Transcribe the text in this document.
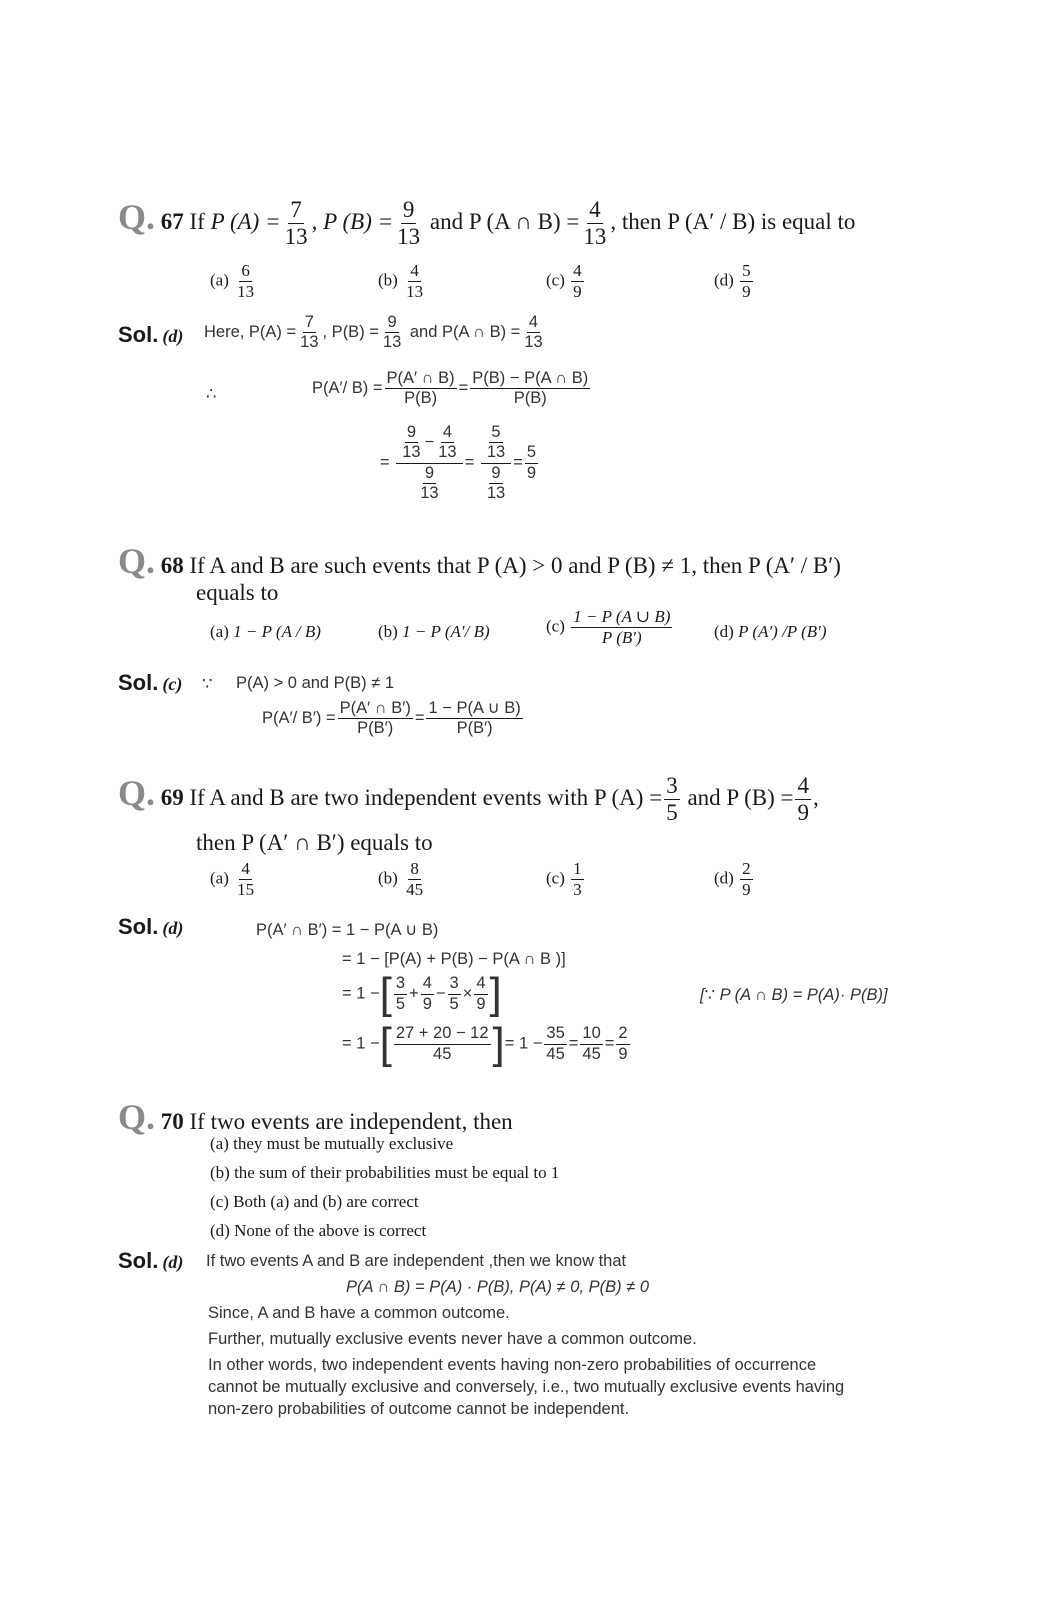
Q. 67 If P $(A) = \frac{7}{13}$ , P $(B) = \frac{9}{13}$ and P (A ∩ $B) = \frac{4}{13}$ , then P (A′ / B) is equal to
$(a) \frac{6}{13}$	$(b) \frac{4}{13}$	$(c) \frac{4}{9}$	$(d) \frac{5}{9}$
Sol. (d) Here, $P(A) = \frac{7}{13}$ , $P(B) = \frac{9}{13}$ and P(A ∩ $B) = \frac{4}{13}$
∴	P(A′/ $B) = \frac{P(A' \cap B)}{P(B)} = \frac{P(B) - P(A \cap B)}{P(B)}$
= $\frac{\frac{9}{13} - \frac{4}{13}}{\frac{9}{13}} = \frac{\frac{5}{13}}{\frac{9}{13}} = \frac{5}{9}$
Q. 68 If A and B are such events that P (A) > 0 and P (B) ≠ 1, then P (A′ / B′)
equals to
(a) 1 − P (A / B)	(b) 1 − P (A′/ B)	$(c) \frac{1 - P (A \cup B)}{P (B')} (d)$ P (A′) /P (B′)
Sol. (c) ∵ P(A) > 0 and P(B) ≠ 1
P(A′/ $B') = \frac{P(A' \cap B')}{P(B')} = \frac{1 - P(A \cup B)}{P(B')}$
Q. 69 If A and B are two independent events with P $(A) = \frac{3}{5}$ and P $(B) = \frac{4}{9}$ ,
then P (A′ ∩ B′) equals to
$(a) \frac{4}{15}$	$(b) \frac{8}{45}$	$(c) \frac{1}{3}$	$(d) \frac{2}{9}$
Sol. (d)	P(A′ ∩ B′) = 1 − P(A ∪ B)
= 1 − [P(A) + P(B) − P(A ∩ B )]
= 1 −[ $\frac{3}{5} + \frac{4}{9} - \frac{3}{5} \times \frac{4}{9}$ ]	[∵ P (A ∩ B) = P(A)· P(B)]
= 1 −[ $\frac{27 + 20 - 12}{45}$ ]= $1 - \frac{35}{45} = \frac{10}{45} = \frac{2}{9}$
Q. 70 If two events are independent, then
(a) they must be mutually exclusive
(b) the sum of their probabilities must be equal to 1
(c) Both (a) and (b) are correct
(d) None of the above is correct
Sol. (d) If two events A and B are independent ,then we know that
P(A ∩ B) = P(A) · P(B), P(A) ≠ 0, P(B) ≠ 0
Since, A and B have a common outcome.
Further, mutually exclusive events never have a common outcome.
In other words, two independent events having non-zero probabilities of occurrence
cannot be mutually exclusive and conversely, i.e., two mutually exclusive events having
non-zero probabilities of outcome cannot be independent.
